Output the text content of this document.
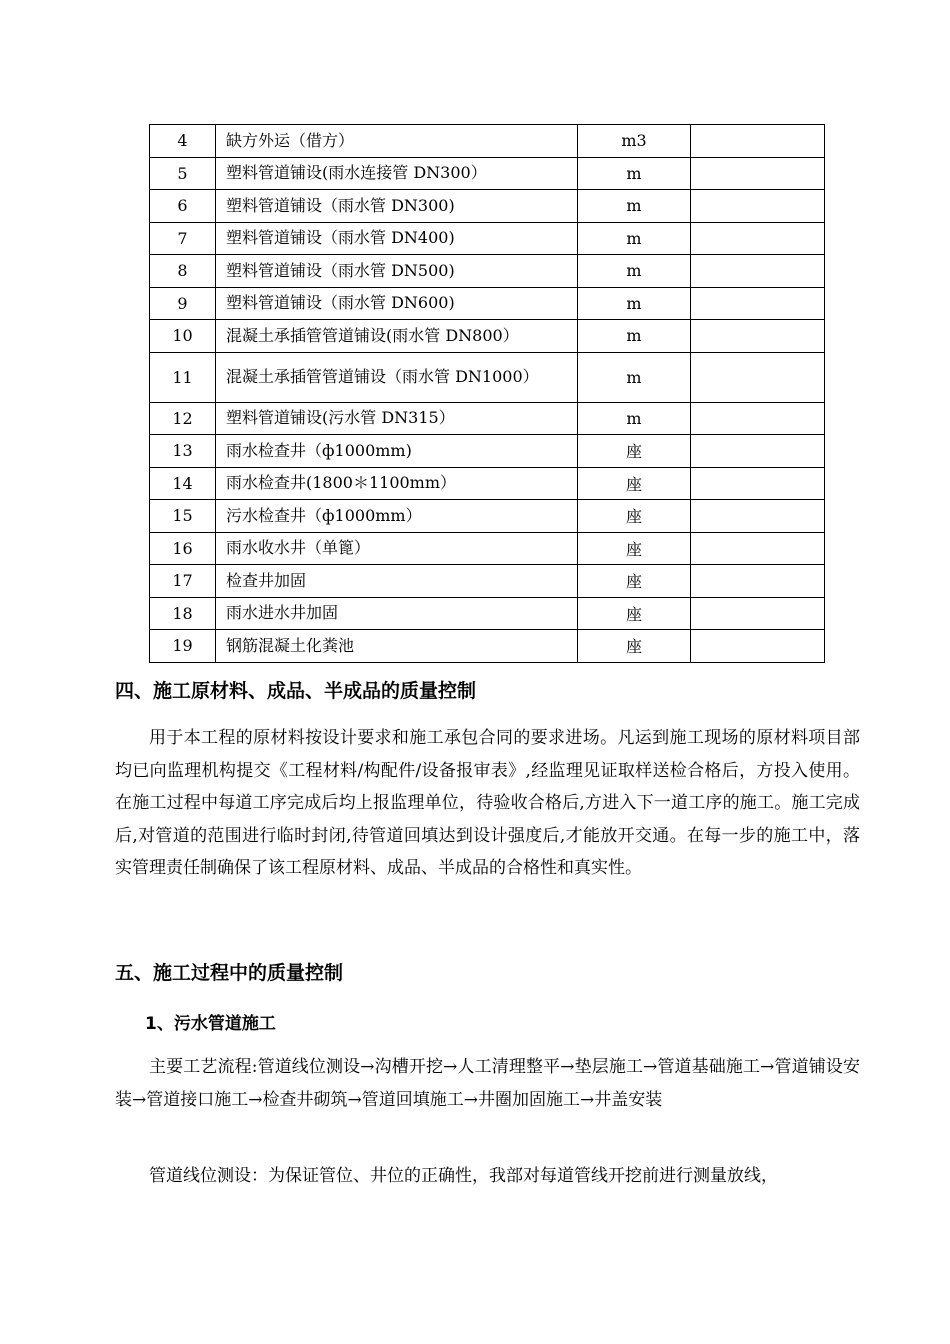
4	缺方外运（借方）	m3	
5	塑料管道铺设(雨水连接管 DN300）	m	
6	塑料管道铺设（雨水管 DN300)	m	
7	塑料管道铺设（雨水管 DN400)	m	
8	塑料管道铺设（雨水管 DN500)	m	
9	塑料管道铺设（雨水管 DN600)	m	
10	混凝土承插管管道铺设(雨水管 DN800）	m	
11	混凝土承插管管道铺设（雨水管 DN1000）	m	
12	塑料管道铺设(污水管 DN315）	m	
13	雨水检查井（ф1000mm)	座	
14	雨水检查井(1800＊1100mm）	座	
15	污水检查井（ф1000mm）	座	
16	雨水收水井（单篦）	座	
17	检查井加固	座	
18	雨水进水井加固	座	
19	钢筋混凝土化粪池	座	
四、施工原材料、成品、半成品的质量控制
用于本工程的原材料按设计要求和施工承包合同的要求进场。凡运到施工现场的原材料项目部均已向监理机构提交《工程材料/构配件/设备报审表》,经监理见证取样送检合格后，方投入使用。在施工过程中每道工序完成后均上报监理单位，待验收合格后,方进入下一道工序的施工。施工完成后,对管道的范围进行临时封闭,待管道回填达到设计强度后,才能放开交通。在每一步的施工中，落实管理责任制确保了该工程原材料、成品、半成品的合格性和真实性。
五、施工过程中的质量控制
1、污水管道施工
主要工艺流程:管道线位测设→沟槽开挖→人工清理整平→垫层施工→管道基础施工→管道铺设安装→管道接口施工→检查井砌筑→管道回填施工→井圈加固施工→井盖安装
管道线位测设：为保证管位、井位的正确性，我部对每道管线开挖前进行测量放线，
